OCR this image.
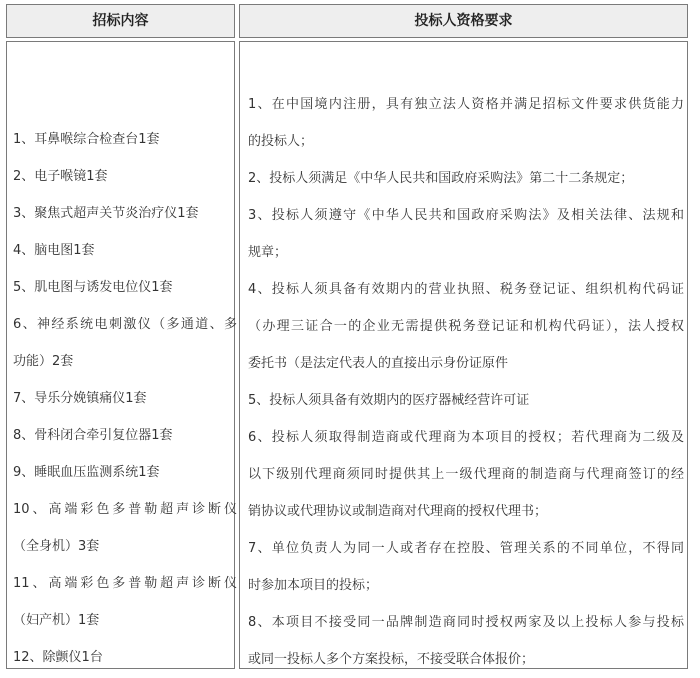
招标内容	投标人资格要求
1、耳鼻喉综合检查台1套
2、电子喉镜1套
3、聚焦式超声关节炎治疗仪1套
4、脑电图1套
5、肌电图与诱发电位仪1套
6、神经系统电刺激仪（多通道、多
功能）2套
7、导乐分娩镇痛仪1套
8、骨科闭合牵引复位器1套
9、睡眠血压监测系统1套
10、高端彩色多普勒超声诊断仪
（全身机）3套
11、高端彩色多普勒超声诊断仪
（妇产机）1套
12、除颤仪1台
1、在中国境内注册，具有独立法人资格并满足招标文件要求供货能力
的投标人；
2、投标人须满足《中华人民共和国政府采购法》第二十二条规定；
3、投标人须遵守《中华人民共和国政府采购法》及相关法律、法规和
规章；
4、投标人须具备有效期内的营业执照、税务登记证、组织机构代码证
（办理三证合一的企业无需提供税务登记证和机构代码证），法人授权
委托书（是法定代表人的直接出示身份证原件
5、投标人须具备有效期内的医疗器械经营许可证
6、投标人须取得制造商或代理商为本项目的授权；若代理商为二级及
以下级别代理商须同时提供其上一级代理商的制造商与代理商签订的经
销协议或代理协议或制造商对代理商的授权代理书；
7、单位负责人为同一人或者存在控股、管理关系的不同单位，不得同
时参加本项目的投标；
8、本项目不接受同一品牌制造商同时授权两家及以上投标人参与投标
或同一投标人多个方案投标，不接受联合体报价；
